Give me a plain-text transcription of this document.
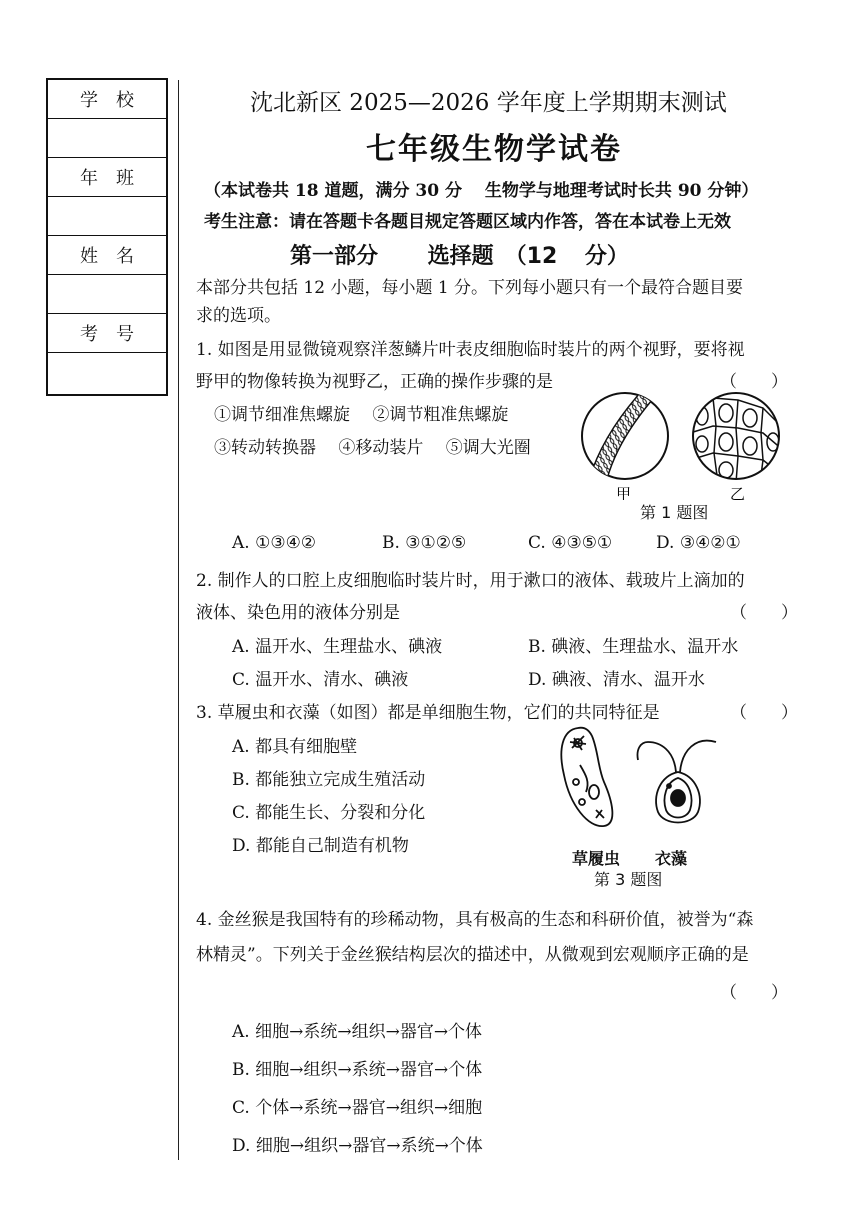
学校
年班
姓名
考号
沈北新区 2025—2026 学年度上学期期末测试
七年级生物学试卷
（本试卷共 18 道题，满分 30 分　 生物学与地理考试时长共 90 分钟）
考生注意：请在答题卡各题目规定答题区域内作答，答在本试卷上无效
第一部分　 选择题　（12 分）
本部分共包括 12 小题，每小题 1 分。下列每小题只有一个最符合题目要
求的选项。
1. 如图是用显微镜观察洋葱鳞片叶表皮细胞临时装片的两个视野，要将视
野甲的物像转换为视野乙，正确的操作步骤的是	（　　）
①调节细准焦螺旋　 ②调节粗准焦螺旋
③转动转换器　 ④移动装片　 ⑤调大光圈
甲	乙
第 1 题图
A. ①③④②	B. ③①②⑤	C. ④③⑤①	D. ③④②①
2. 制作人的口腔上皮细胞临时装片时，用于漱口的液体、载玻片上滴加的
液体、染色用的液体分别是	（　　）
A. 温开水、生理盐水、碘液	B. 碘液、生理盐水、温开水
C. 温开水、清水、碘液	D. 碘液、清水、温开水
3. 草履虫和衣藻（如图）都是单细胞生物，它们的共同特征是	（　　）
A. 都具有细胞壁
B. 都能独立完成生殖活动
C. 都能生长、分裂和分化
D. 都能自己制造有机物
草履虫 衣藻
第 3 题图
4. 金丝猴是我国特有的珍稀动物，具有极高的生态和科研价值，被誉为“森
林精灵”。下列关于金丝猴结构层次的描述中，从微观到宏观顺序正确的是
（　　）
A. 细胞→系统→组织→器官→个体
B. 细胞→组织→系统→器官→个体
C. 个体→系统→器官→组织→细胞
D. 细胞→组织→器官→系统→个体
